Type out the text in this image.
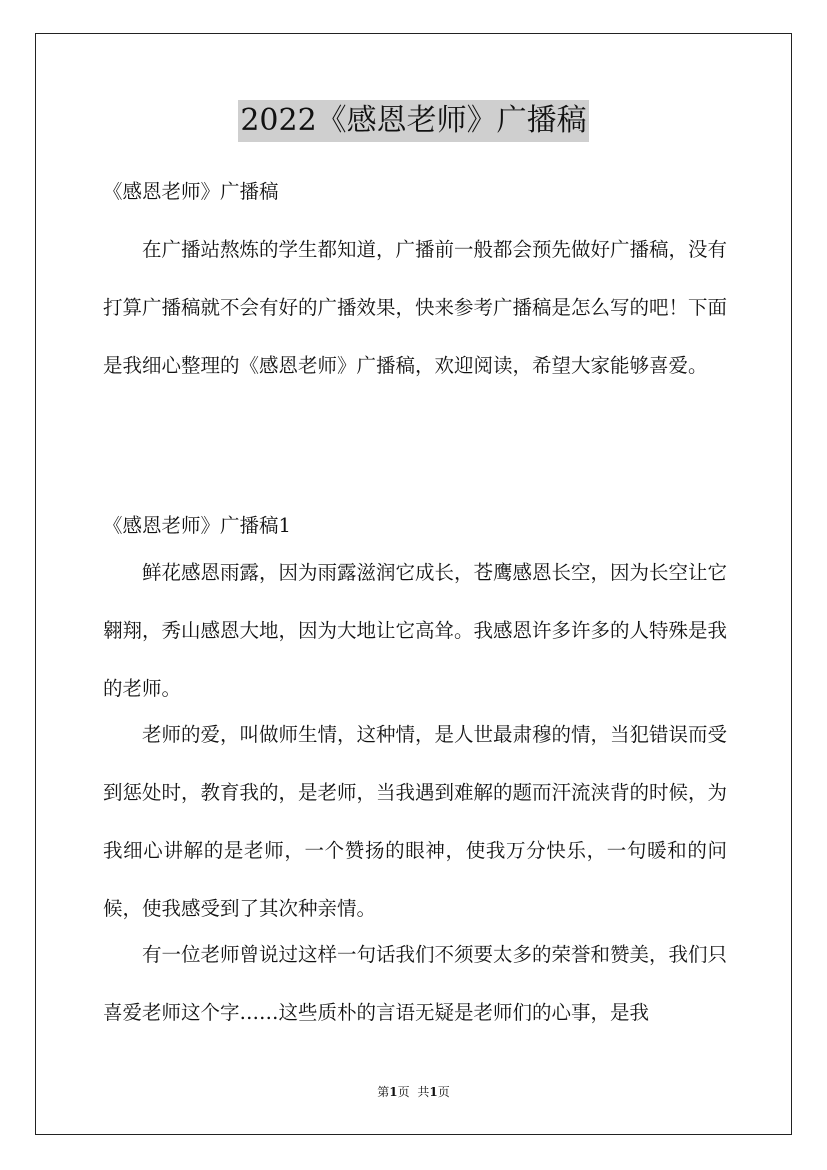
2022《感恩老师》广播稿

《感恩老师》广播稿

在广播站熬炼的学生都知道，广播前一般都会预先做好广播稿，没有打算广播稿就不会有好的广播效果，快来参考广播稿是怎么写的吧！下面是我细心整理的《感恩老师》广播稿，欢迎阅读，希望大家能够喜爱。

《感恩老师》广播稿1

鲜花感恩雨露，因为雨露滋润它成长，苍鹰感恩长空，因为长空让它翱翔，秀山感恩大地，因为大地让它高耸。我感恩许多许多的人特殊是我的老师。

老师的爱，叫做师生情，这种情，是人世最肃穆的情，当犯错误而受到惩处时，教育我的，是老师，当我遇到难解的题而汗流浃背的时候，为我细心讲解的是老师，一个赞扬的眼神，使我万分快乐，一句暖和的问候，使我感受到了其次种亲情。

有一位老师曾说过这样一句话我们不须要太多的荣誉和赞美，我们只喜爱老师这个字……这些质朴的言语无疑是老师们的心事，是我

第1页 共1页
